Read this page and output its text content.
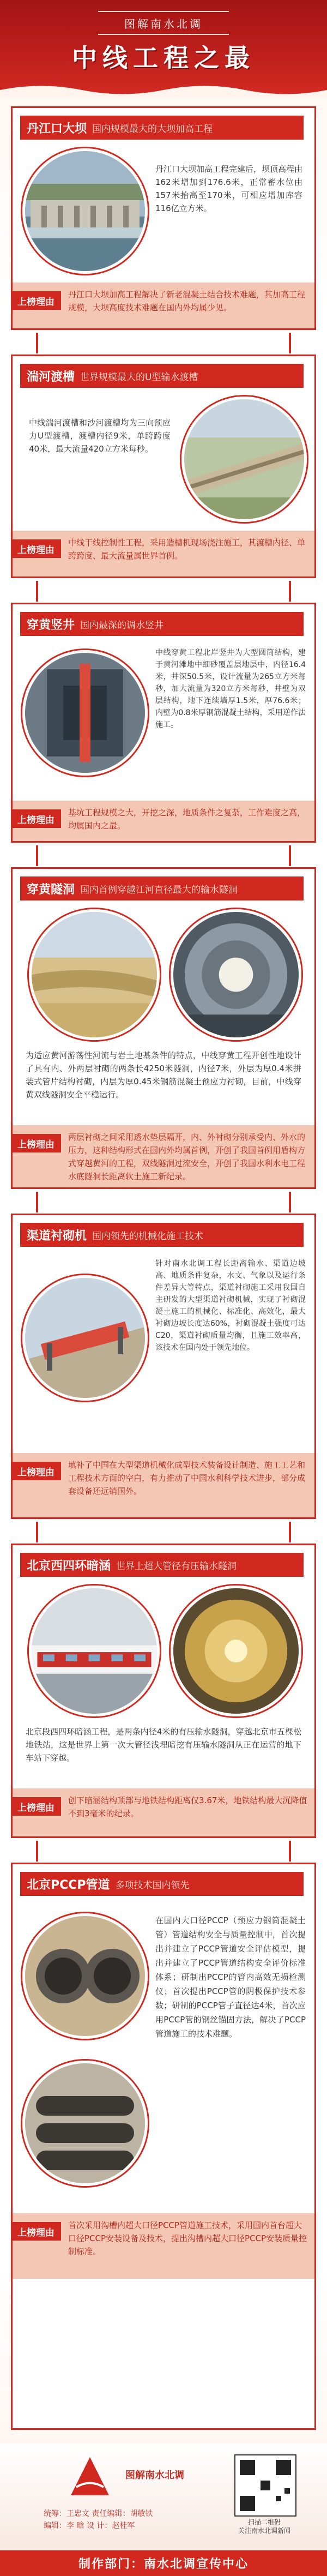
图解南水北调
中线工程之最
丹江口大坝 国内规模最大的大坝加高工程
丹江口大坝加高工程完建后，坝顶高程由162米增加到176.6米，正常蓄水位由157米抬高至170米，可相应增加库容116亿立方米。
上榜理由
丹江口大坝加高工程解决了新老混凝土结合技术难题，其加高工程规模，大坝高度技术难题在国内外均属少见。
湍河渡槽 世界规模最大的U型输水渡槽
中线湍河渡槽和沙河渡槽均为三向预应力U型渡槽，渡槽内径9米，单跨跨度40米，最大流量420立方米每秒。
上榜理由
中线干线控制性工程，采用造槽机现场浇注施工，其渡槽内径、单跨跨度、最大流量属世界首例。
穿黄竖井 国内最深的调水竖井
中线穿黄工程北岸竖井为大型圆筒结构，建于黄河滩地中细砂覆盖层地层中，内径16.4米，井深50.5米，设计流量为265立方米每秒，加大流量为320立方米每秒，井壁为双层结构，地下连续墙厚1.5米，厚76.6米；内壁为0.8米厚钢筋混凝土结构，采用逆作法施工。
上榜理由
基坑工程规模之大，开挖之深，地质条件之复杂，工作难度之高，均属国内之最。
穿黄隧洞 国内首例穿越江河直径最大的输水隧洞
为适应黄河游荡性河流与岩土地基条件的特点，中线穿黄工程开创性地设计了具有内、外两层衬砌的两条长4250米隧洞，内径7米，外层为厚0.4米拼装式管片结构衬砌，内层为厚0.45米钢筋混凝土预应力衬砌，目前，中线穿黄双线隧洞安全平稳运行。
上榜理由
两层衬砌之间采用透水垫层隔开，内、外衬砌分别承受内、外水的压力，这种结构形式在国内外均属首例，开创了我国首例用盾构方式穿越黄河的工程，双线隧洞过流安全，开创了我国水利水电工程水底隧洞长距离软土施工新纪录。
渠道衬砌机 国内领先的机械化施工技术
针对南水北调工程长距离输水、渠道边坡高、地质条件复杂，水文、气象以及运行条件差异大等特点，渠道衬砌施工采用我国自主研发的大型渠道衬砌机械，实现了衬砌混凝土施工的机械化、标准化、高效化，最大衬砌边坡长度达60%，衬砌混凝土强度可达C20，渠道衬砌质量均衡，且施工效率高，该技术在国内处于领先地位。
上榜理由
填补了中国在大型渠道机械化成型技术装备设计制造、施工工艺和工程技术方面的空白，有力推动了中国水利科学技术进步，部分成套设备还远销国外。
北京西四环暗涵 世界上超大管径有压输水隧洞
北京段西四环暗涵工程，是两条内径4米的有压输水隧洞，穿越北京市五棵松地铁站，这是世界上第一次大管径浅埋暗挖有压输水隧洞从正在运营的地下车站下穿越。
上榜理由
创下暗涵结构顶部与地铁结构距离仅3.67米，地铁结构最大沉降值不到3毫米的纪录。
北京PCCP管道 多项技术国内领先
在国内大口径PCCP（预应力钢筒混凝土管）管道结构安全与质量控制中，首次提出并建立了PCCP管道安全评估模型，提出并建立了PCCP管道结构安全评价标准体系；研制出PCCP的管内高效无损检测仪；首次提出PCCP管的阴极保护技术参数；研制的PCCP管子直径达4米，首次应用PCCP管的钢丝锚固方法，解决了PCCP管道施工的技术难题。
上榜理由
首次采用沟槽内超大口径PCCP管道施工技术，采用国内首台超大口径PCCP安装设备及技术，提出沟槽内超大口径PCCP安装质量控制标准。
图解南水北调
扫描二维码
关注南水北调新闻
统筹：王忠文 责任编辑：胡敏铁
编辑：李 晗 设 计：赵桂军
制作部门：南水北调宣传中心
